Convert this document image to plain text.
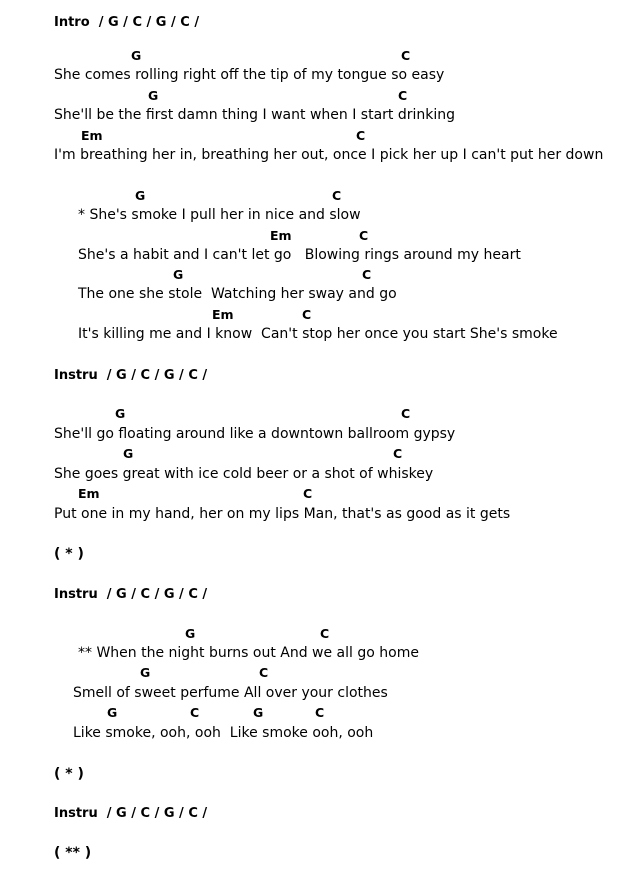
Intro  / G / C / G / C /
G	C
She comes rolling right off the tip of my tongue so easy
G	C
She'll be the first damn thing I want when I start drinking
Em	C
I'm breathing her in, breathing her out, once I pick her up I can't put her down
G	C
* She's smoke I pull her in nice and slow
Em	C
She's a habit and I can't let go   Blowing rings around my heart
G	C
The one she stole  Watching her sway and go
Em	C
It's killing me and I know  Can't stop her once you start She's smoke
Instru  / G / C / G / C /
G	C
She'll go floating around like a downtown ballroom gypsy
G	C
She goes great with ice cold beer or a shot of whiskey
Em	C
Put one in my hand, her on my lips Man, that's as good as it gets
( * )
Instru  / G / C / G / C /
G	C
** When the night burns out And we all go home
G	C
Smell of sweet perfume All over your clothes
G	C	G	C
Like smoke, ooh, ooh  Like smoke ooh, ooh
( * )
Instru  / G / C / G / C /
( ** )
